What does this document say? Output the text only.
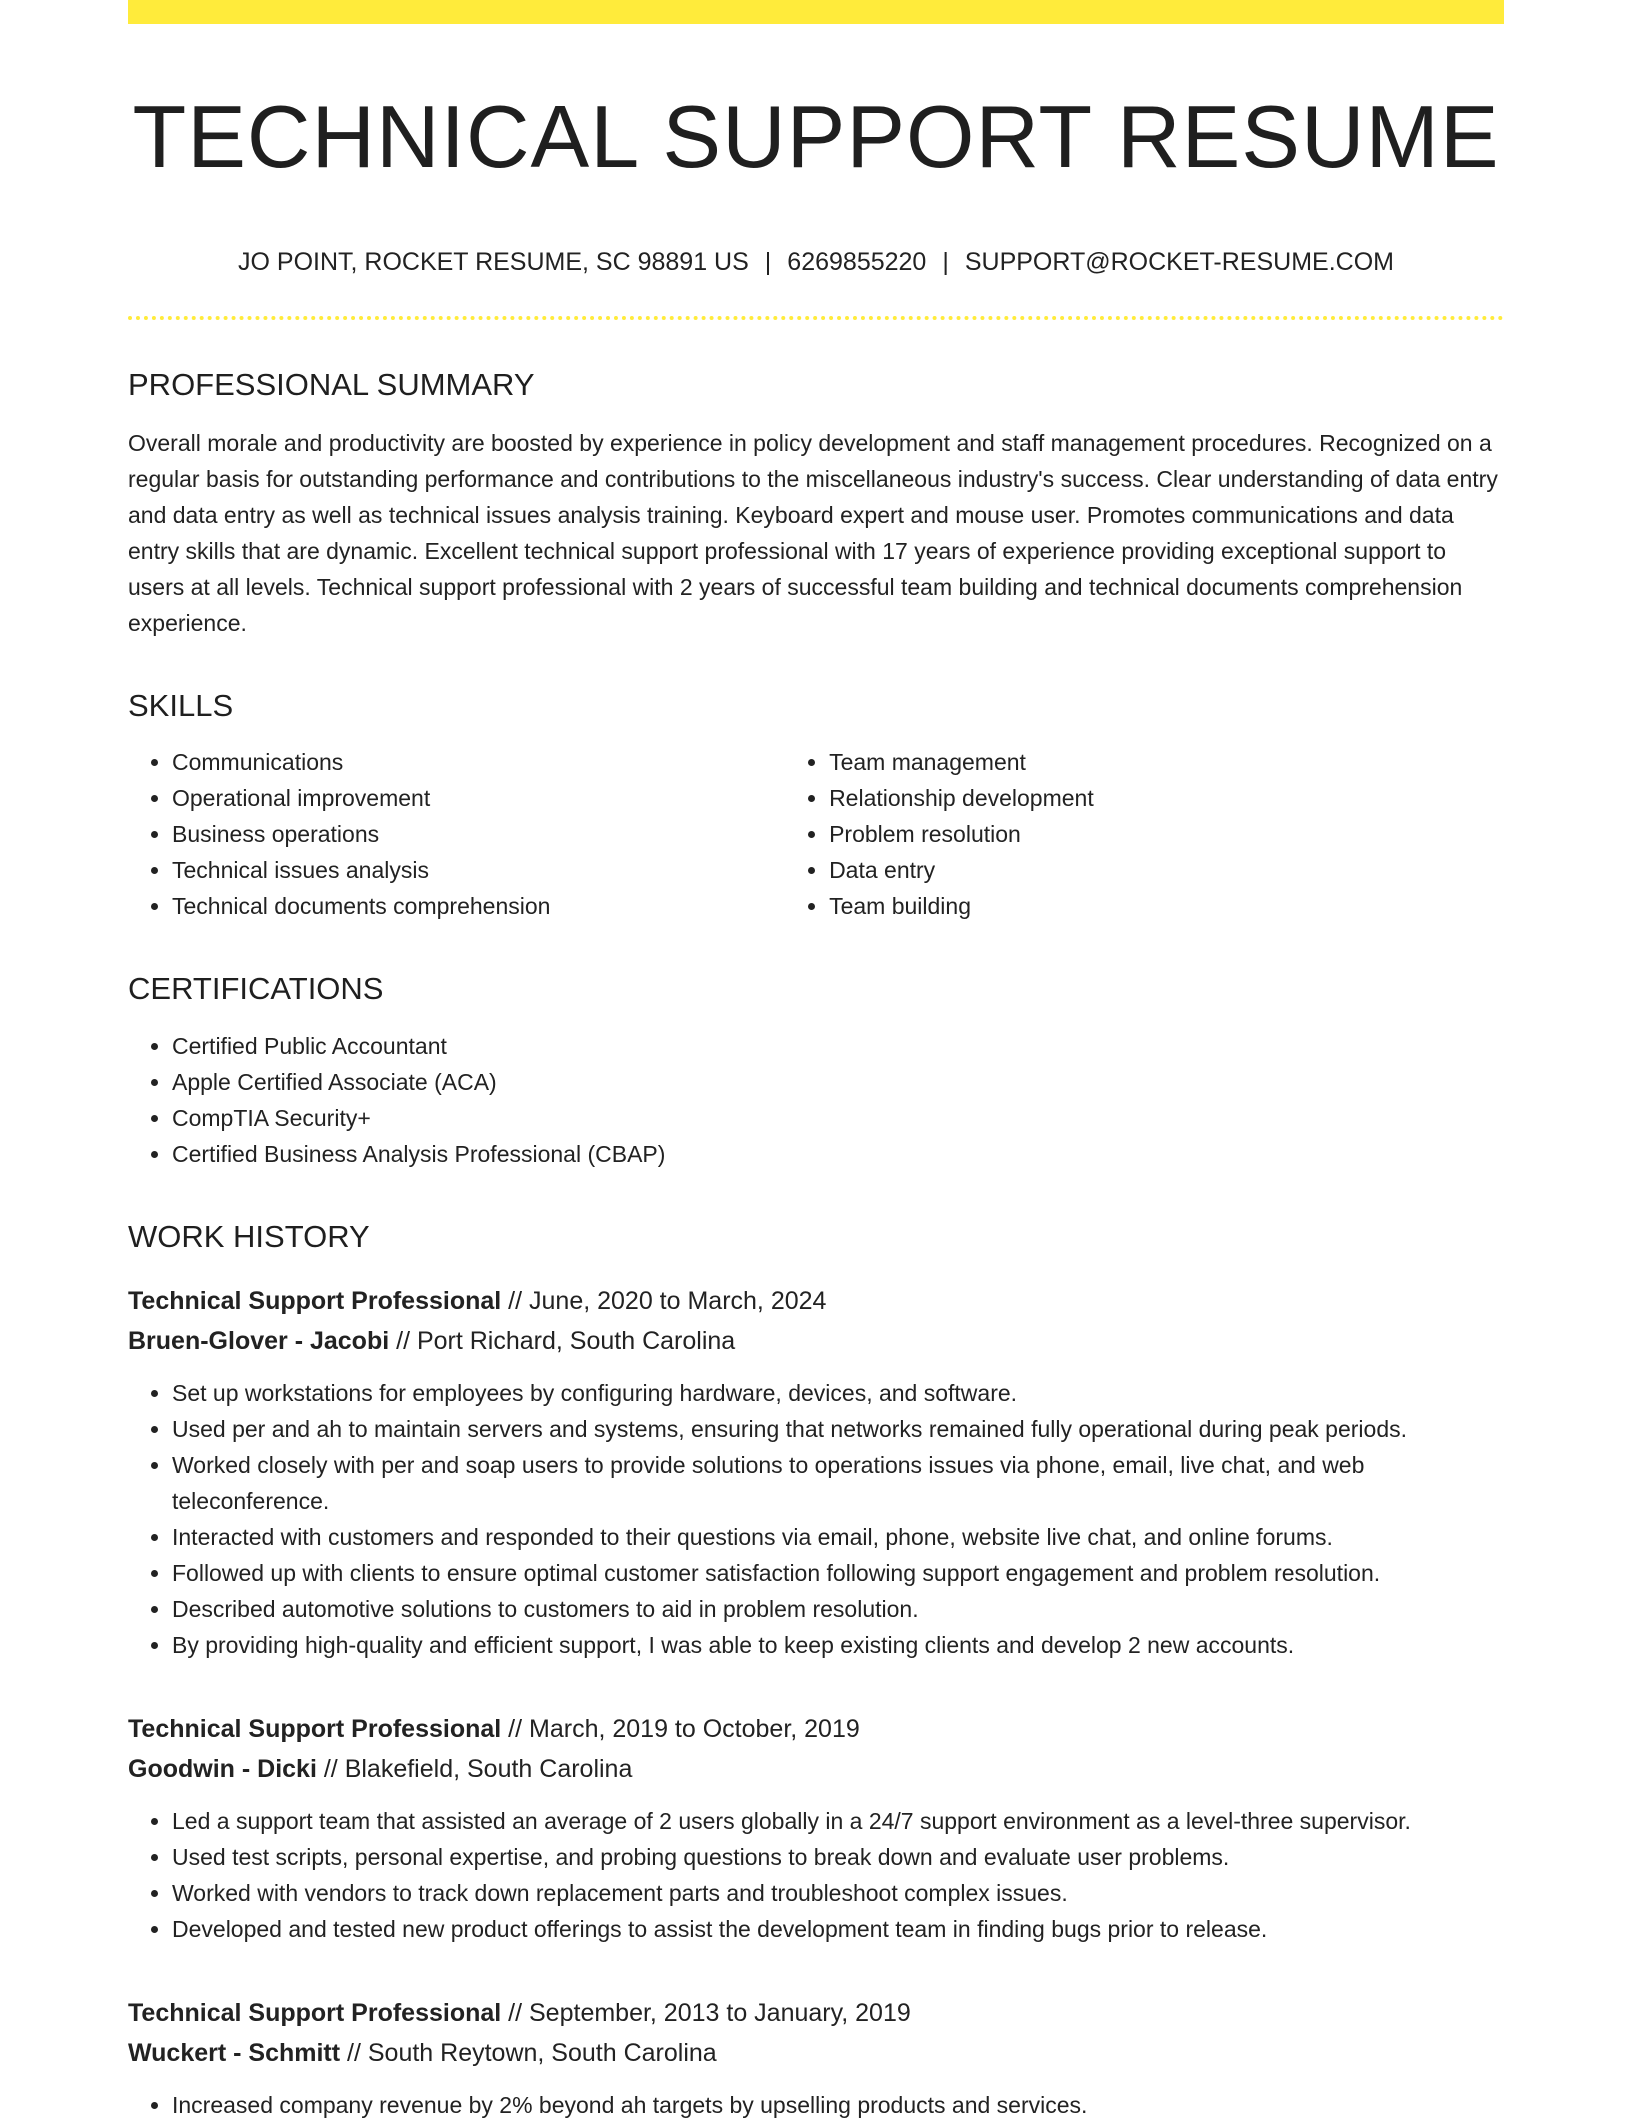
TECHNICAL SUPPORT RESUME
JO POINT, ROCKET RESUME, SC 98891 US | 6269855220 | SUPPORT@ROCKET-RESUME.COM
PROFESSIONAL SUMMARY

Overall morale and productivity are boosted by experience in policy development and staff management procedures. Recognized on a regular basis for outstanding performance and contributions to the miscellaneous industry's success. Clear understanding of data entry and data entry as well as technical issues analysis training. Keyboard expert and mouse user. Promotes communications and data entry skills that are dynamic. Excellent technical support professional with 17 years of experience providing exceptional support to users at all levels. Technical support professional with 2 years of successful team building and technical documents comprehension experience.

SKILLS
• Communications
• Operational improvement
• Business operations
• Technical issues analysis
• Technical documents comprehension
• Team management
• Relationship development
• Problem resolution
• Data entry
• Team building
CERTIFICATIONS
• Certified Public Accountant
• Apple Certified Associate (ACA)
• CompTIA Security+
• Certified Business Analysis Professional (CBAP)
WORK HISTORY
Technical Support Professional // June, 2020 to March, 2024
Bruen-Glover - Jacobi // Port Richard, South Carolina
• Set up workstations for employees by configuring hardware, devices, and software.
• Used per and ah to maintain servers and systems, ensuring that networks remained fully operational during peak periods.
• Worked closely with per and soap users to provide solutions to operations issues via phone, email, live chat, and web teleconference.
• Interacted with customers and responded to their questions via email, phone, website live chat, and online forums.
• Followed up with clients to ensure optimal customer satisfaction following support engagement and problem resolution.
• Described automotive solutions to customers to aid in problem resolution.
• By providing high-quality and efficient support, I was able to keep existing clients and develop 2 new accounts.
Technical Support Professional // March, 2019 to October, 2019
Goodwin - Dicki // Blakefield, South Carolina
• Led a support team that assisted an average of 2 users globally in a 24/7 support environment as a level-three supervisor.
• Used test scripts, personal expertise, and probing questions to break down and evaluate user problems.
• Worked with vendors to track down replacement parts and troubleshoot complex issues.
• Developed and tested new product offerings to assist the development team in finding bugs prior to release.
Technical Support Professional // September, 2013 to January, 2019
Wuckert - Schmitt // South Reytown, South Carolina
• Increased company revenue by 2% beyond ah targets by upselling products and services.
